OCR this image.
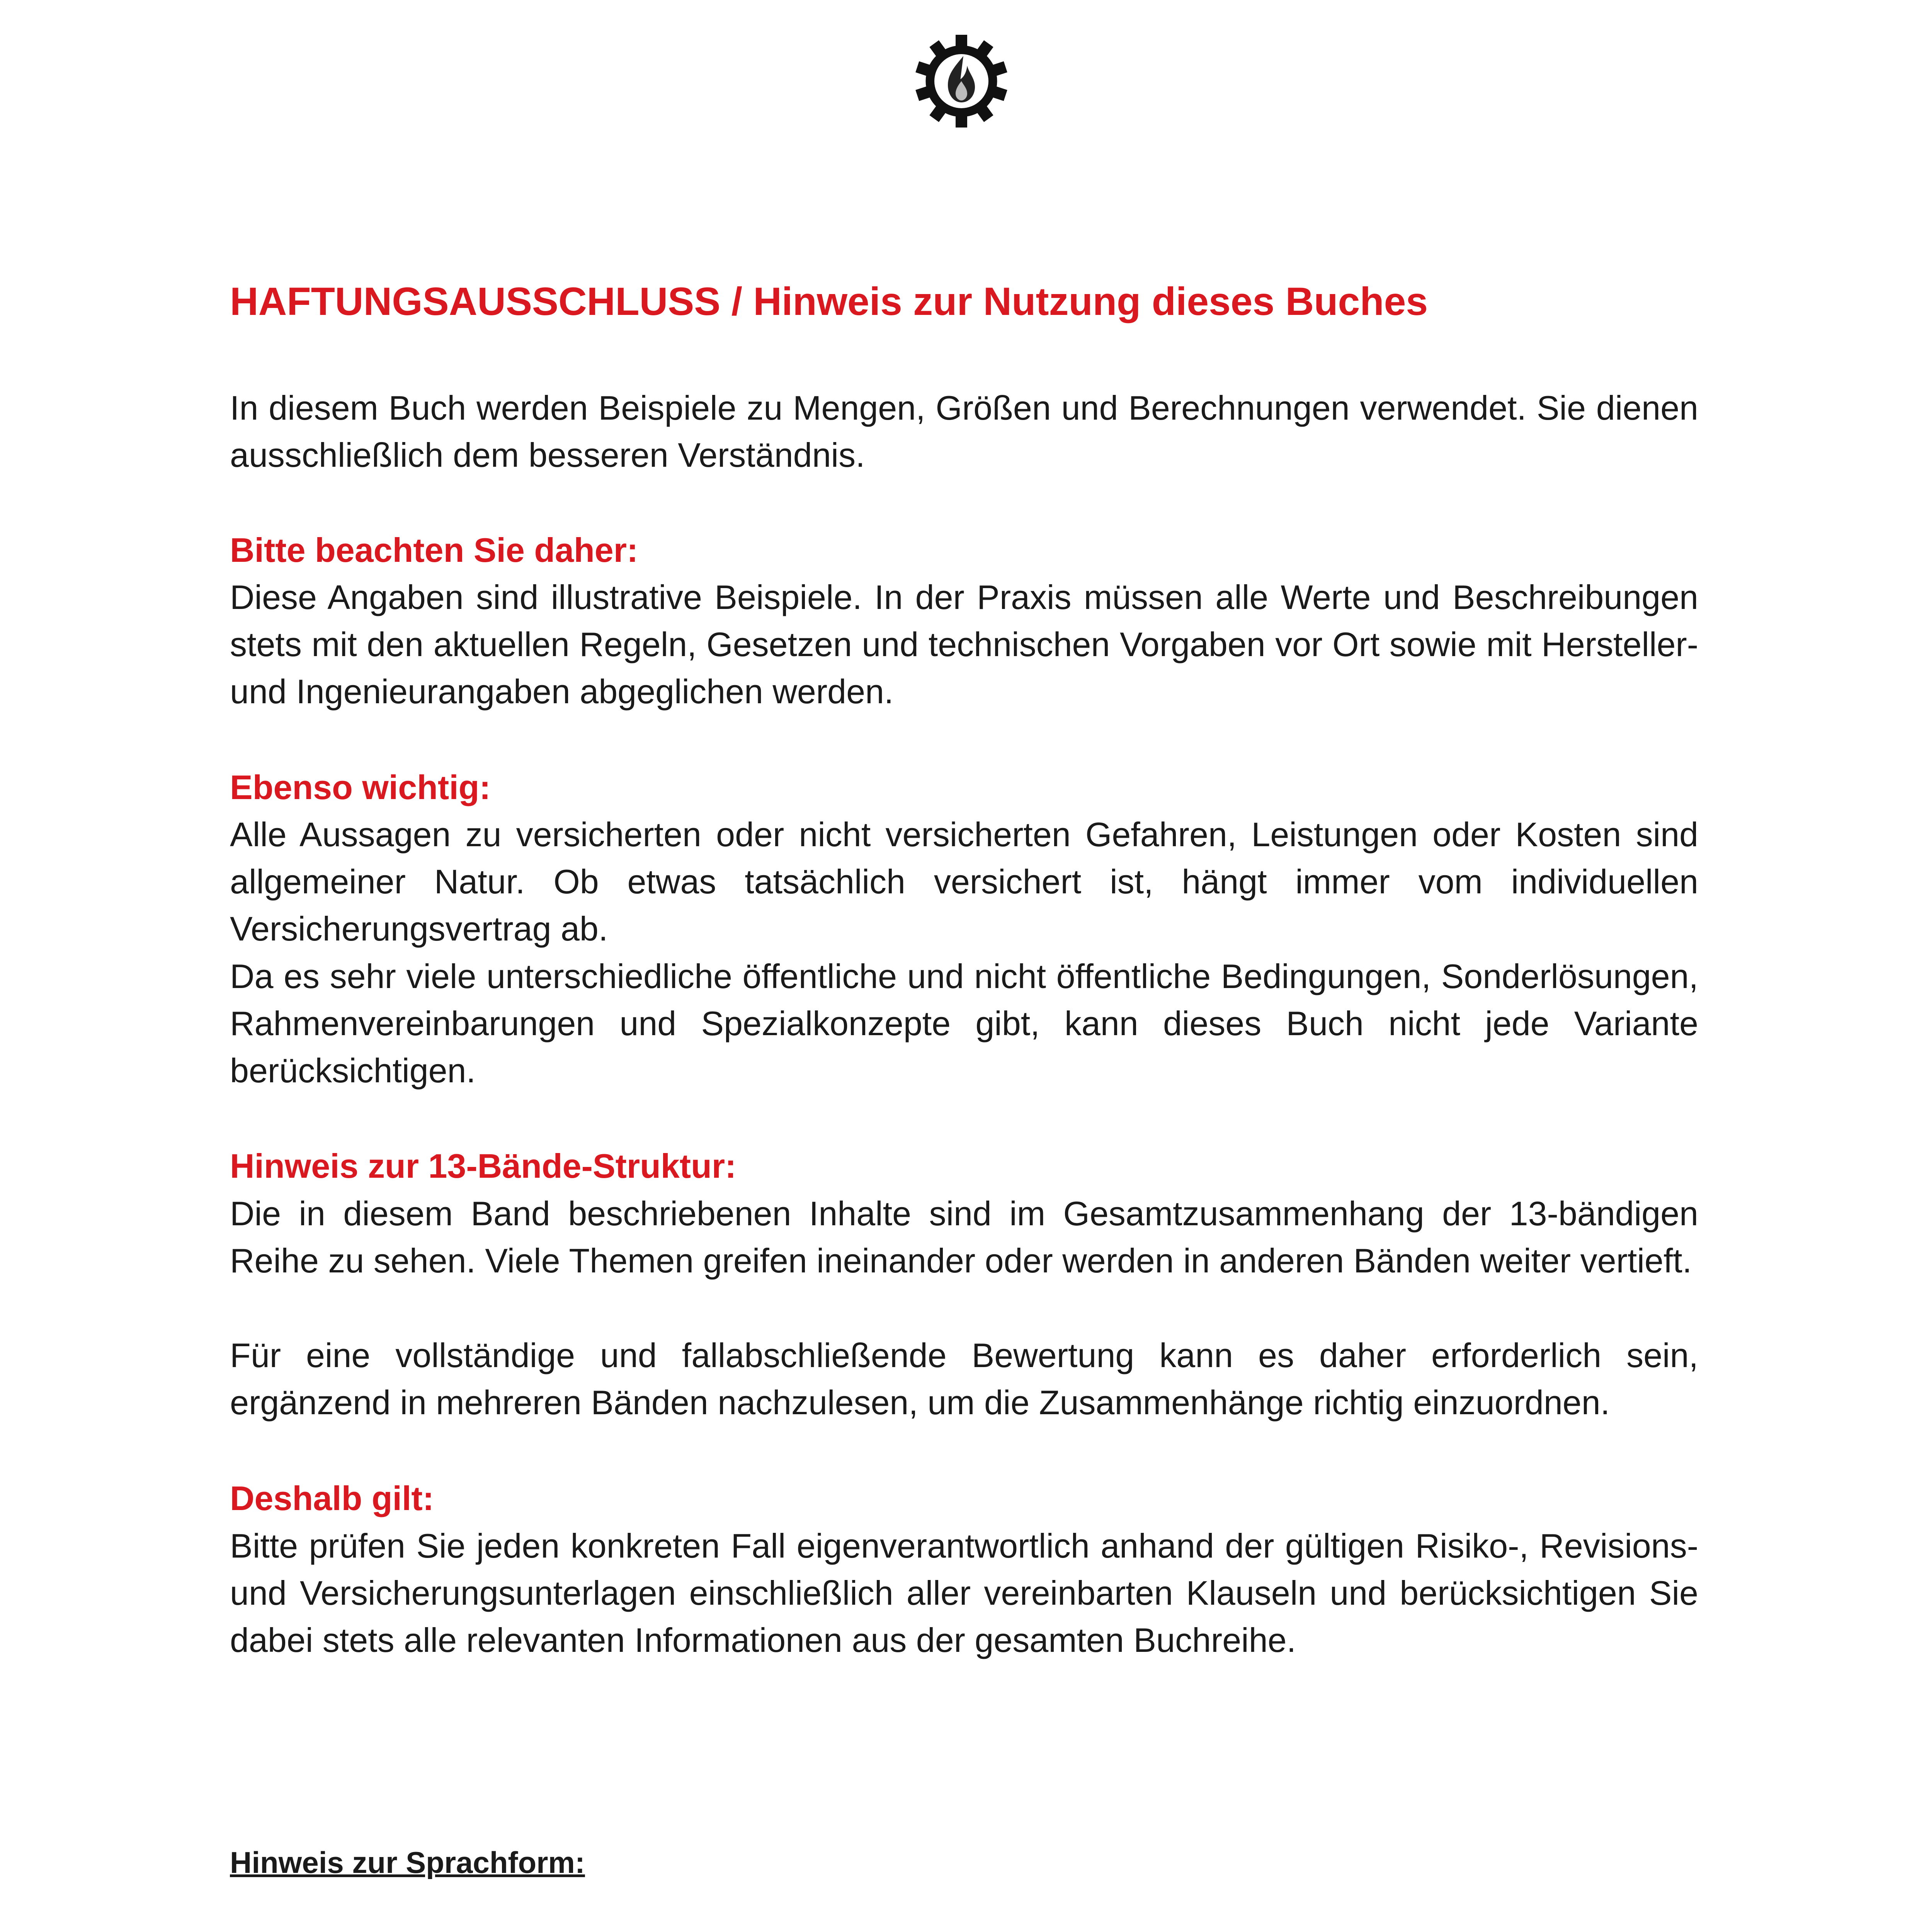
HAFTUNGSAUSSCHLUSS / Hinweis zur Nutzung dieses Buches

In diesem Buch werden Beispiele zu Mengen, Größen und Berechnungen verwendet. Sie dienen ausschließlich dem besseren Verständnis.

Bitte beachten Sie daher:

Diese Angaben sind illustrative Beispiele. In der Praxis müssen alle Werte und Beschreibungen stets mit den aktuellen Regeln, Gesetzen und technischen Vorgaben vor Ort sowie mit Hersteller- und Ingenieurangaben abgeglichen werden.

Ebenso wichtig:

Alle Aussagen zu versicherten oder nicht versicherten Gefahren, Leistungen oder Kosten sind allgemeiner Natur. Ob etwas tatsächlich versichert ist, hängt immer vom individuellen Versicherungsvertrag ab.

Da es sehr viele unterschiedliche öffentliche und nicht öffentliche Bedingungen, Sonderlösungen, Rahmenvereinbarungen und Spezialkonzepte gibt, kann dieses Buch nicht jede Variante berücksichtigen.

Hinweis zur 13-Bände-Struktur:

Die in diesem Band beschriebenen Inhalte sind im Gesamtzusammenhang der 13-bändigen Reihe zu sehen. Viele Themen greifen ineinander oder werden in anderen Bänden weiter vertieft.

Für eine vollständige und fallabschließende Bewertung kann es daher erforderlich sein, ergänzend in mehreren Bänden nachzulesen, um die Zusammenhänge richtig einzuordnen.

Deshalb gilt:

Bitte prüfen Sie jeden konkreten Fall eigenverantwortlich anhand der gültigen Risiko-, Revisions- und Versicherungsunterlagen einschließlich aller vereinbarten Klauseln und berücksichtigen Sie dabei stets alle relevanten Informationen aus der gesamten Buchreihe.

Hinweis zur Sprachform:
